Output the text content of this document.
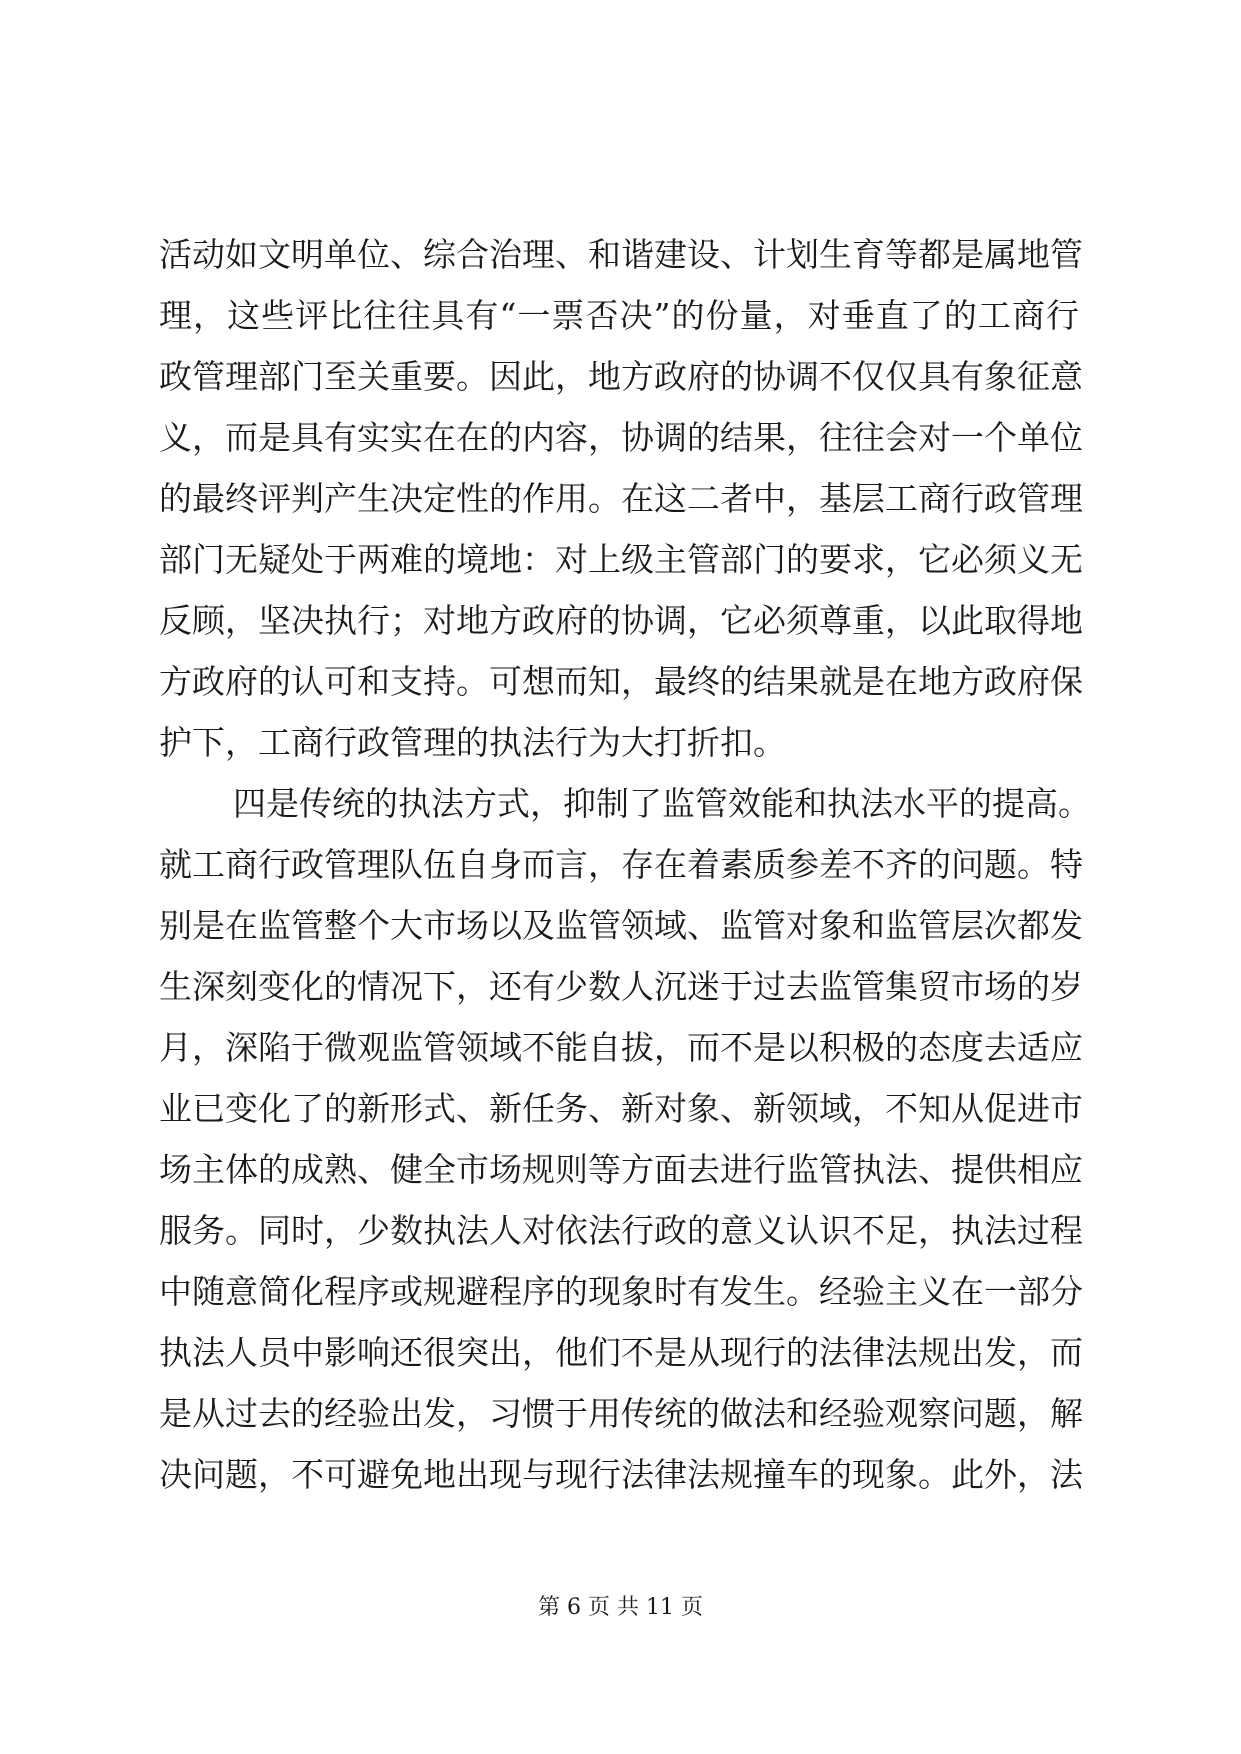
活动如文明单位、综合治理、和谐建设、计划生育等都是属地管
理，这些评比往往具有“一票否决”的份量，对垂直了的工商行
政管理部门至关重要。因此，地方政府的协调不仅仅具有象征意
义，而是具有实实在在的内容，协调的结果，往往会对一个单位
的最终评判产生决定性的作用。在这二者中，基层工商行政管理
部门无疑处于两难的境地：对上级主管部门的要求，它必须义无
反顾，坚决执行；对地方政府的协调，它必须尊重，以此取得地
方政府的认可和支持。可想而知，最终的结果就是在地方政府保
护下，工商行政管理的执法行为大打折扣。
四是传统的执法方式，抑制了监管效能和执法水平的提高。
就工商行政管理队伍自身而言，存在着素质参差不齐的问题。特
别是在监管整个大市场以及监管领域、监管对象和监管层次都发
生深刻变化的情况下，还有少数人沉迷于过去监管集贸市场的岁
月，深陷于微观监管领域不能自拔，而不是以积极的态度去适应
业已变化了的新形式、新任务、新对象、新领域，不知从促进市
场主体的成熟、健全市场规则等方面去进行监管执法、提供相应
服务。同时，少数执法人对依法行政的意义认识不足，执法过程
中随意简化程序或规避程序的现象时有发生。经验主义在一部分
执法人员中影响还很突出，他们不是从现行的法律法规出发，而
是从过去的经验出发，习惯于用传统的做法和经验观察问题，解
决问题，不可避免地出现与现行法律法规撞车的现象。此外，法
第 6 页 共 11 页
